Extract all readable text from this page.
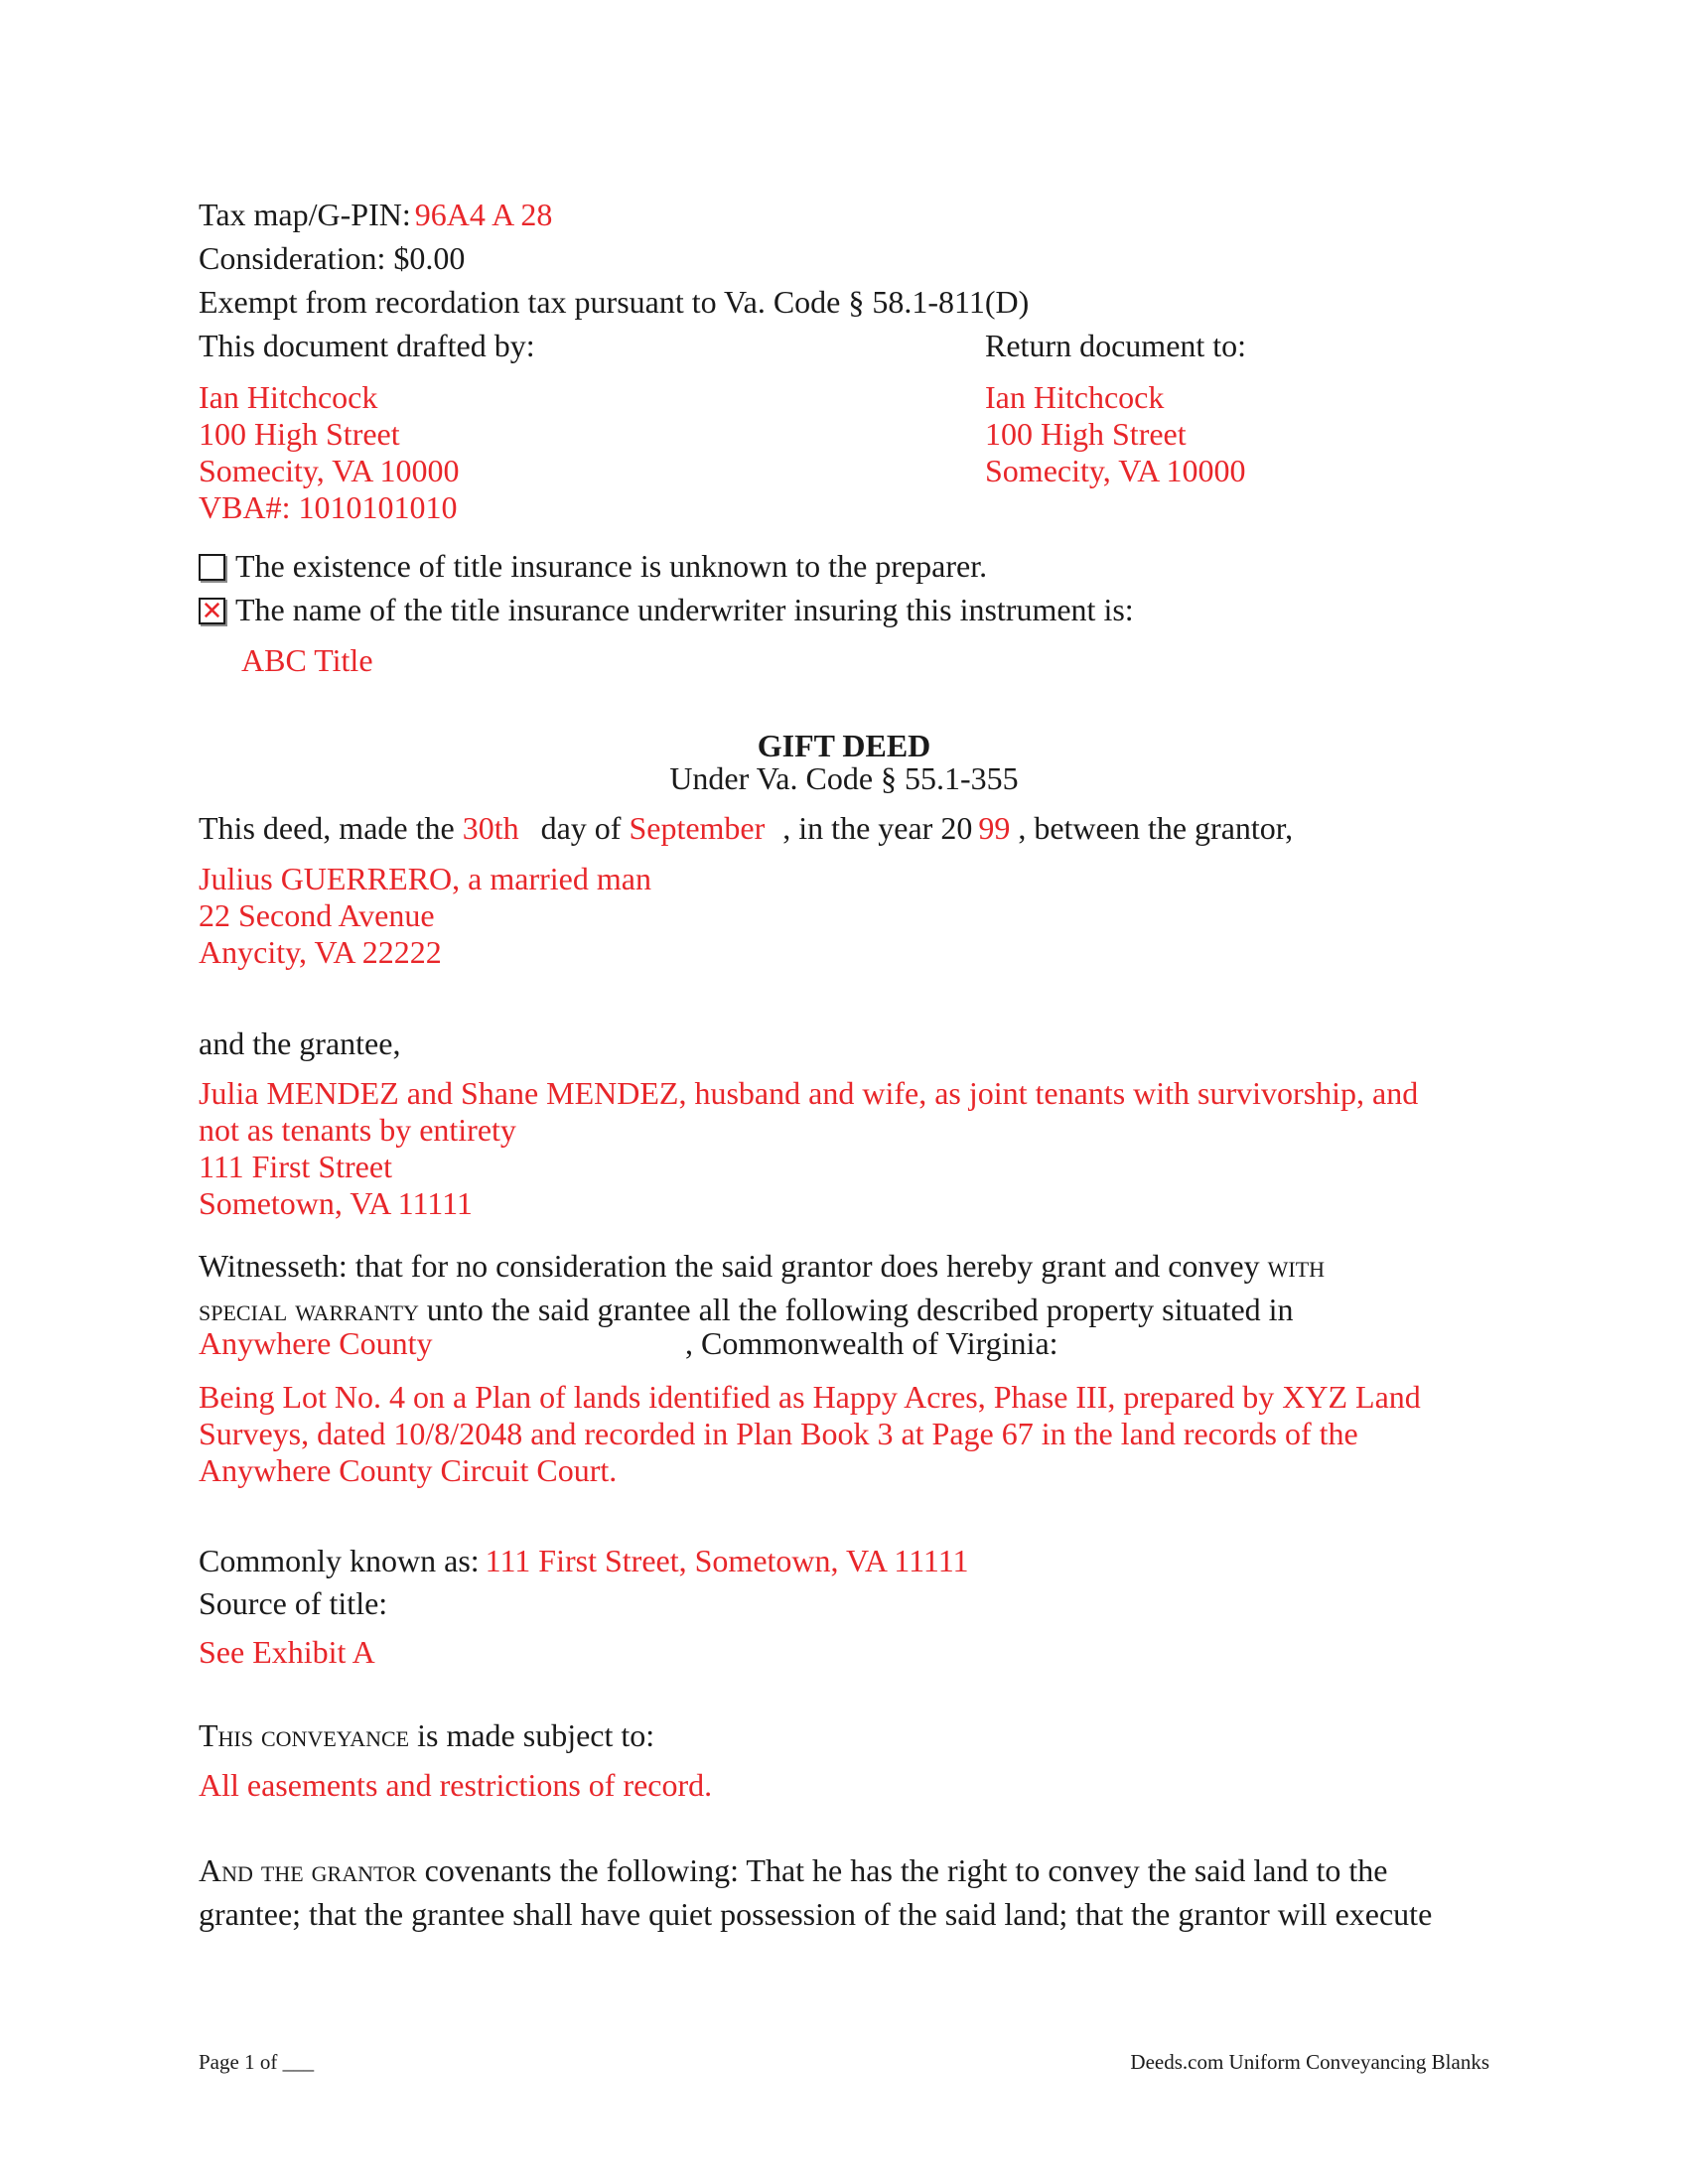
Tax map/G-PIN: 96A4 A 28
Consideration: $0.00
Exempt from recordation tax pursuant to Va. Code § 58.1-811(D)
This document drafted by:	Return document to:
Ian Hitchcock
100 High Street
Somecity, VA 10000
VBA#: 1010101010
Ian Hitchcock
100 High Street
Somecity, VA 10000
The existence of title insurance is unknown to the preparer.
✕ The name of the title insurance underwriter insuring this instrument is:
ABC Title
GIFT DEED
Under Va. Code § 55.1-355
This deed, made the 30th day of September , in the year 20 99 , between the grantor,
Julius GUERRERO, a married man
22 Second Avenue
Anycity, VA 22222
and the grantee,
Julia MENDEZ and Shane MENDEZ, husband and wife, as joint tenants with survivorship, and
not as tenants by entirety
111 First Street
Sometown, VA 11111
Witnesseth: that for no consideration the said grantor does hereby grant and convey with
special warranty unto the said grantee all the following described property situated in
Anywhere County	, Commonwealth of Virginia:
Being Lot No. 4 on a Plan of lands identified as Happy Acres, Phase III, prepared by XYZ Land
Surveys, dated 10/8/2048 and recorded in Plan Book 3 at Page 67 in the land records of the
Anywhere County Circuit Court.
Commonly known as: 111 First Street, Sometown, VA 11111
Source of title:
See Exhibit A
This conveyance is made subject to:
All easements and restrictions of record.
And the grantor covenants the following: That he has the right to convey the said land to the
grantee; that the grantee shall have quiet possession of the said land; that the grantor will execute
Page 1 of ___	Deeds.com Uniform Conveyancing Blanks
